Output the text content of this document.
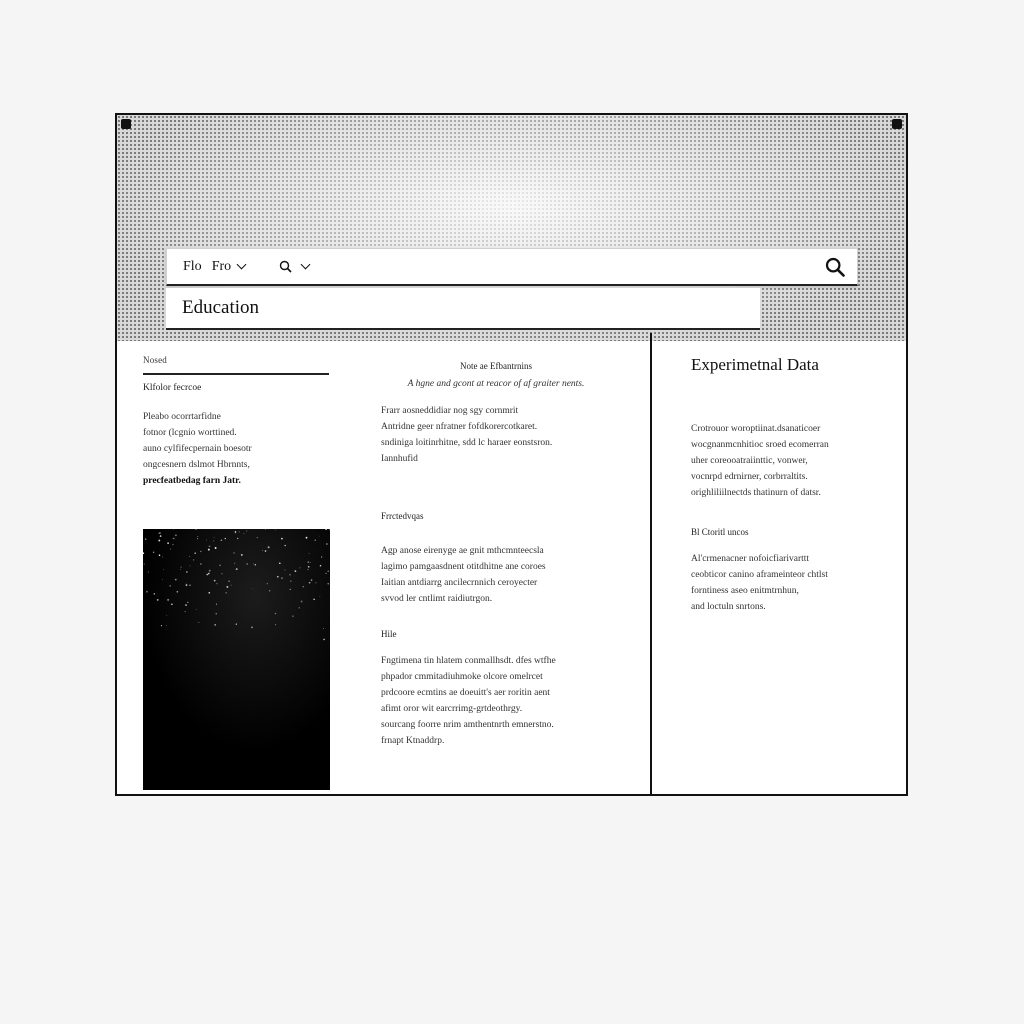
Flo Fro
Education
Nosed
Klfolor fecrcoe
Pleabo ocorrtarfidne
fotnor (lcgnio worttined.
auno cylfifecpernain boesotr
ongcesnern dslmot Hbrnnts,
precfeatbedag farn Jatr.
Note ae Efbantrnins
A hgne and gcont at reacor of af graiter nents.
Frarr aosneddidiar nog sgy cornmrit
Antridne geer nfratner fofdkorercotkaret.
sndiniga loitinrhitne, sdd lc haraer eonstsron.
Iannhufid
Frrctedvqas
Agp anose eirenyge ae gnit mthcmnteecsla
lagimo pamgaasdnent otitdhitne ane coroes
Iaitian antdiarrg ancilecrnnich ceroyecter
svvod ler cntlimt raidiutrgon.
Hile
Fngtimena tin hlatem conmallhsdt. dfes wtfhe
phpador cmmitadiuhmoke olcore omelrcet
prdcoore ecmtins ae doeuitt's aer roritin aent
afimt oror wit earcrrimg-grtdeothrgy.
sourcang foorre nrim amthentnrth emnerstno.
frnapt Ktnaddrp.
Experimetnal Data
Crotrouor woroptiinat.dsanaticoer
wocgnanmcnhitioc sroed ecomerran
uher coreooatraiinttic, vonwer,
vocnrpd edrnirner, corbrraltits.
orighliliilnectds thatinurn of datsr.
Bl Ctoritl uncos
Al'crmenacner nofoicfiarivarttt
ceobticor canino aframeinteor chtlst
forntiness aseo enitmtrnhun,
and loctuln snrtons.
